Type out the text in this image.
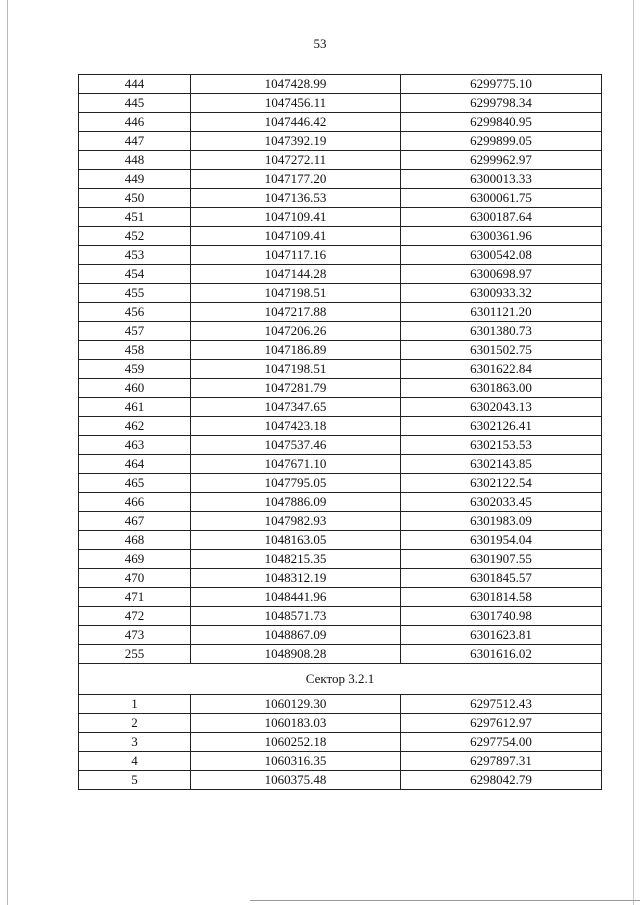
53
444	1047428.99	6299775.10
445	1047456.11	6299798.34
446	1047446.42	6299840.95
447	1047392.19	6299899.05
448	1047272.11	6299962.97
449	1047177.20	6300013.33
450	1047136.53	6300061.75
451	1047109.41	6300187.64
452	1047109.41	6300361.96
453	1047117.16	6300542.08
454	1047144.28	6300698.97
455	1047198.51	6300933.32
456	1047217.88	6301121.20
457	1047206.26	6301380.73
458	1047186.89	6301502.75
459	1047198.51	6301622.84
460	1047281.79	6301863.00
461	1047347.65	6302043.13
462	1047423.18	6302126.41
463	1047537.46	6302153.53
464	1047671.10	6302143.85
465	1047795.05	6302122.54
466	1047886.09	6302033.45
467	1047982.93	6301983.09
468	1048163.05	6301954.04
469	1048215.35	6301907.55
470	1048312.19	6301845.57
471	1048441.96	6301814.58
472	1048571.73	6301740.98
473	1048867.09	6301623.81
255	1048908.28	6301616.02
Сектор 3.2.1		
1	1060129.30	6297512.43
2	1060183.03	6297612.97
3	1060252.18	6297754.00
4	1060316.35	6297897.31
5	1060375.48	6298042.79
